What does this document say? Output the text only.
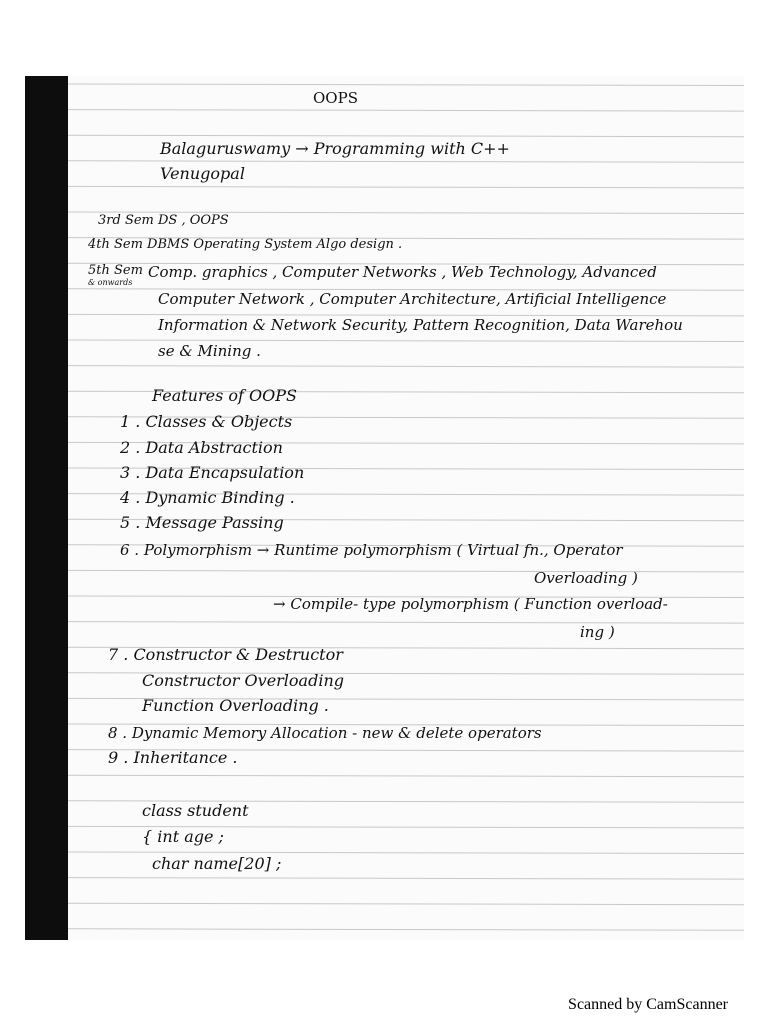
OOPS
Balaguruswamy → Programming with C++
Venugopal
3rd Sem DS , OOPS
4th Sem DBMS Operating System Algo design .
5th Sem
& onwards
Comp. graphics , Computer Networks , Web Technology, Advanced
Computer Network , Computer Architecture, Artificial Intelligence
Information & Network Security, Pattern Recognition, Data Warehou
se & Mining .
Features of OOPS
1 . Classes & Objects
2 . Data Abstraction
3 . Data Encapsulation
4 . Dynamic Binding .
5 . Message Passing
6 . Polymorphism → Runtime polymorphism ( Virtual fn., Operator
Overloading )
→ Compile- type polymorphism ( Function overload-
ing )
7 . Constructor & Destructor
Constructor Overloading
Function Overloading .
8 . Dynamic Memory Allocation - new & delete operators
9 . Inheritance .
class student
{ int age ;
char name[20] ;
Scanned by CamScanner
